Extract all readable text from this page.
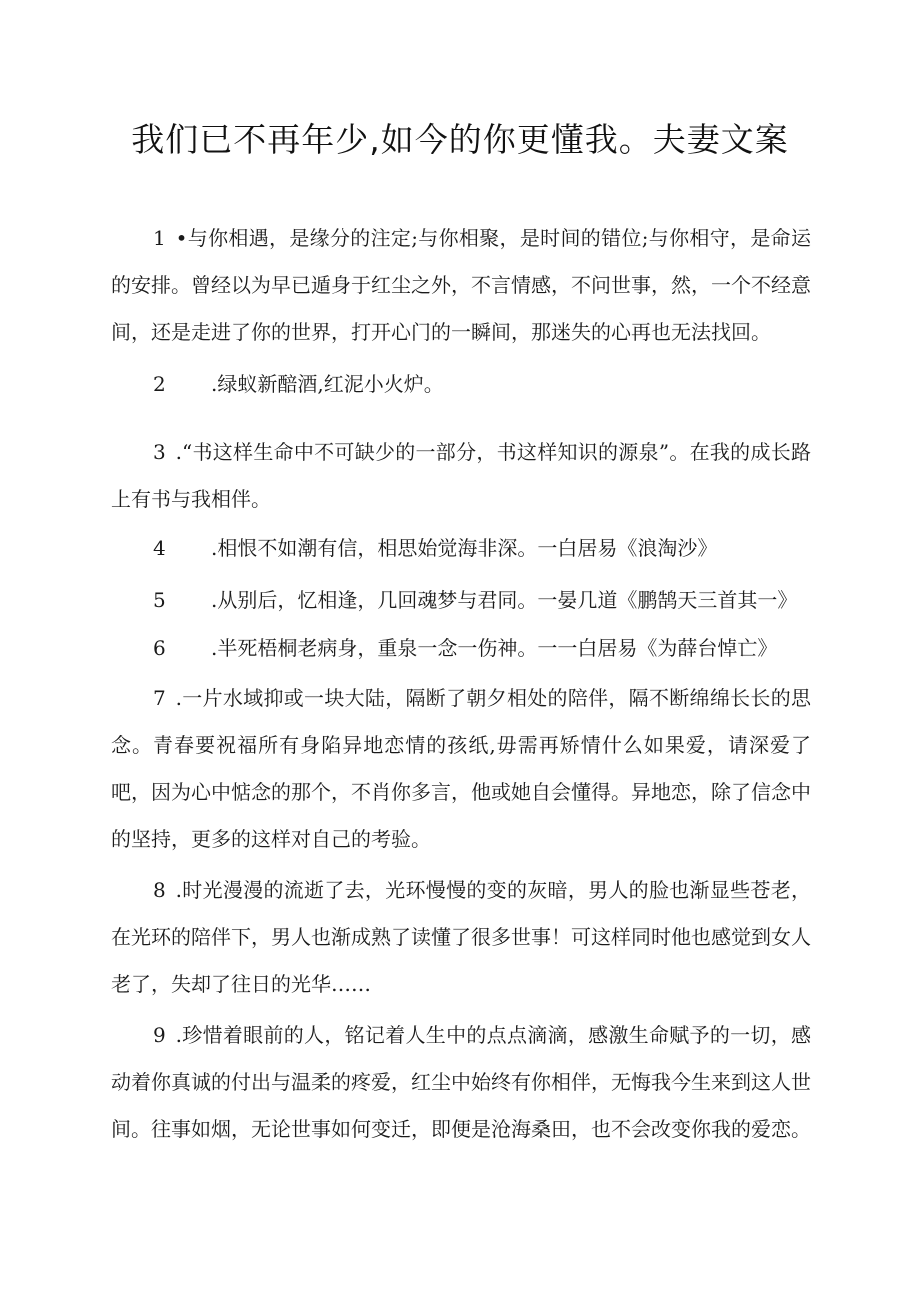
我们已不再年少,如今的你更懂我。夫妻文案

1 •与你相遇，是缘分的注定;与你相聚，是时间的错位;与你相守，是命运的安排。曾经以为早已遁身于红尘之外，不言情感，不问世事，然，一个不经意间，还是走进了你的世界，打开心门的一瞬间，那迷失的心再也无法找回。

2 .绿蚁新醅酒,红泥小火炉。

3 .“书这样生命中不可缺少的一部分，书这样知识的源泉”。在我的成长路上有书与我相伴。

4 .相恨不如潮有信，相思始觉海非深。一白居易《浪淘沙》

5 .从别后，忆相逢，几回魂梦与君同。一晏几道《鹏鹄天三首其一》

6 .半死梧桐老病身，重泉一念一伤神。一一白居易《为薛台悼亡》

7 .一片水域抑或一块大陆，隔断了朝夕相处的陪伴，隔不断绵绵长长的思念。青春要祝福所有身陷异地恋情的孩纸,毋需再矫情什么如果爱，请深爱了吧，因为心中惦念的那个，不肖你多言，他或她自会懂得。异地恋，除了信念中的坚持，更多的这样对自己的考验。

8 .时光漫漫的流逝了去，光环慢慢的变的灰暗，男人的脸也渐显些苍老，在光环的陪伴下，男人也渐成熟了读懂了很多世事！可这样同时他也感觉到女人老了，失却了往日的光华……

9 .珍惜着眼前的人，铭记着人生中的点点滴滴，感激生命赋予的一切，感动着你真诚的付出与温柔的疼爱，红尘中始终有你相伴，无悔我今生来到这人世间。往事如烟，无论世事如何变迁，即便是沧海桑田，也不会改变你我的爱恋。
